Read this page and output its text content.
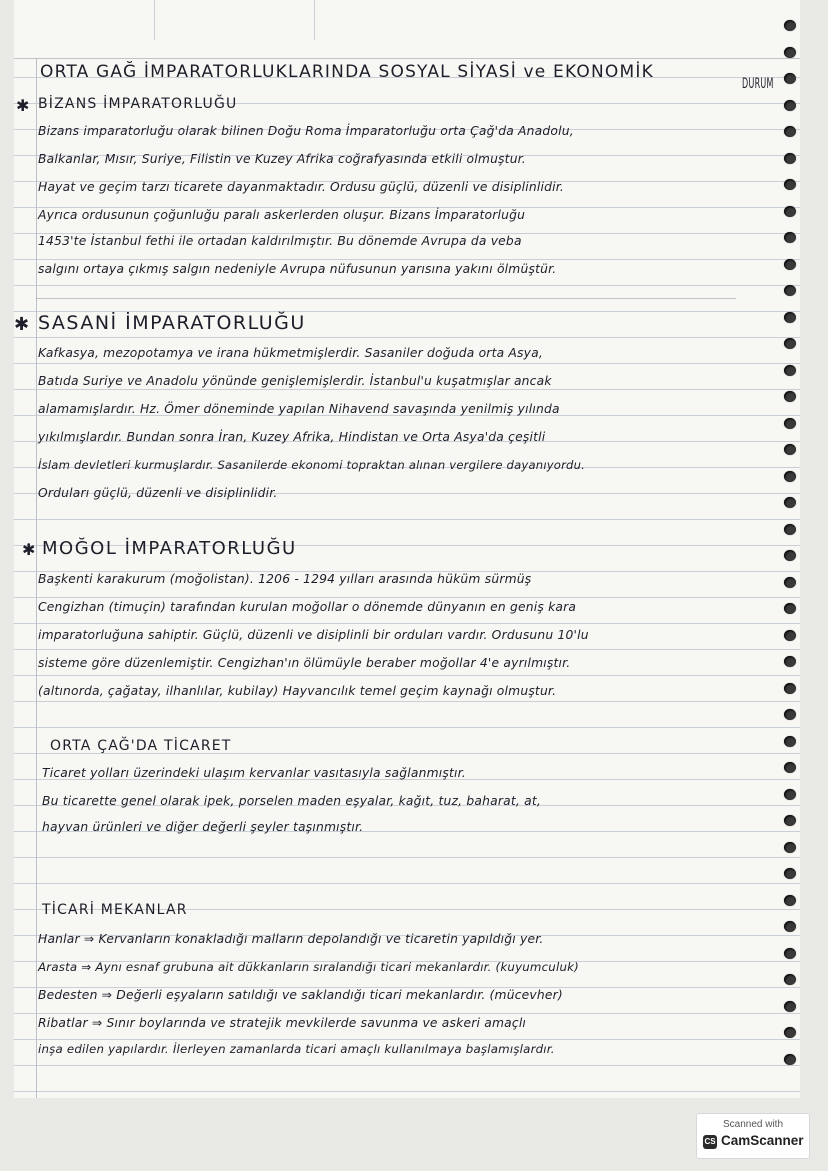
ORTA GAĞ İMPARATORLUKLARINDA SOSYAL SİYASİ ve EKONOMİK
DURUM
✱ BİZANS İMPARATORLUĞU
Bizans imparatorluğu olarak bilinen Doğu Roma İmparatorluğu orta Çağ'da Anadolu,
Balkanlar, Mısır, Suriye, Filistin ve Kuzey Afrika coğrafyasında etkili olmuştur.
Hayat ve geçim tarzı ticarete dayanmaktadır. Ordusu güçlü, düzenli ve disiplinlidir.
Ayrıca ordusunun çoğunluğu paralı askerlerden oluşur. Bizans İmparatorluğu
1453'te İstanbul fethi ile ortadan kaldırılmıştır. Bu dönemde Avrupa da veba
salgını ortaya çıkmış salgın nedeniyle Avrupa nüfusunun yarısına yakını ölmüştür.
✱ SASANİ İMPARATORLUĞU
Kafkasya, mezopotamya ve irana hükmetmişlerdir. Sasaniler doğuda orta Asya,
Batıda Suriye ve Anadolu yönünde genişlemişlerdir. İstanbul'u kuşatmışlar ancak
alamamışlardır. Hz. Ömer döneminde yapılan Nihavend savaşında yenilmiş yılında
yıkılmışlardır. Bundan sonra İran, Kuzey Afrika, Hindistan ve Orta Asya'da çeşitli
İslam devletleri kurmuşlardır. Sasanilerde ekonomi topraktan alınan vergilere dayanıyordu.
Orduları güçlü, düzenli ve disiplinlidir.
✱ MOĞOL İMPARATORLUĞU
Başkenti karakurum (moğolistan). 1206 - 1294 yılları arasında hüküm sürmüş
Cengizhan (timuçin) tarafından kurulan moğollar o dönemde dünyanın en geniş kara
imparatorluğuna sahiptir. Güçlü, düzenli ve disiplinli bir orduları vardır. Ordusunu 10'lu
sisteme göre düzenlemiştir. Cengizhan'ın ölümüyle beraber moğollar 4'e ayrılmıştır.
(altınorda, çağatay, ilhanlılar, kubilay) Hayvancılık temel geçim kaynağı olmuştur.
ORTA ÇAĞ'DA TİCARET
Ticaret yolları üzerindeki ulaşım kervanlar vasıtasıyla sağlanmıştır.
Bu ticarette genel olarak ipek, porselen maden eşyalar, kağıt, tuz, baharat, at,
hayvan ürünleri ve diğer değerli şeyler taşınmıştır.
TİCARİ MEKANLAR
Hanlar ⇒ Kervanların konakladığı malların depolandığı ve ticaretin yapıldığı yer.
Arasta ⇒ Aynı esnaf grubuna ait dükkanların sıralandığı ticari mekanlardır. (kuyumculuk)
Bedesten ⇒ Değerli eşyaların satıldığı ve saklandığı ticari mekanlardır. (mücevher)
Ribatlar ⇒ Sınır boylarında ve stratejik mevkilerde savunma ve askeri amaçlı
inşa edilen yapılardır. İlerleyen zamanlarda ticari amaçlı kullanılmaya başlamışlardır.
Scanned with
CS CamScanner
